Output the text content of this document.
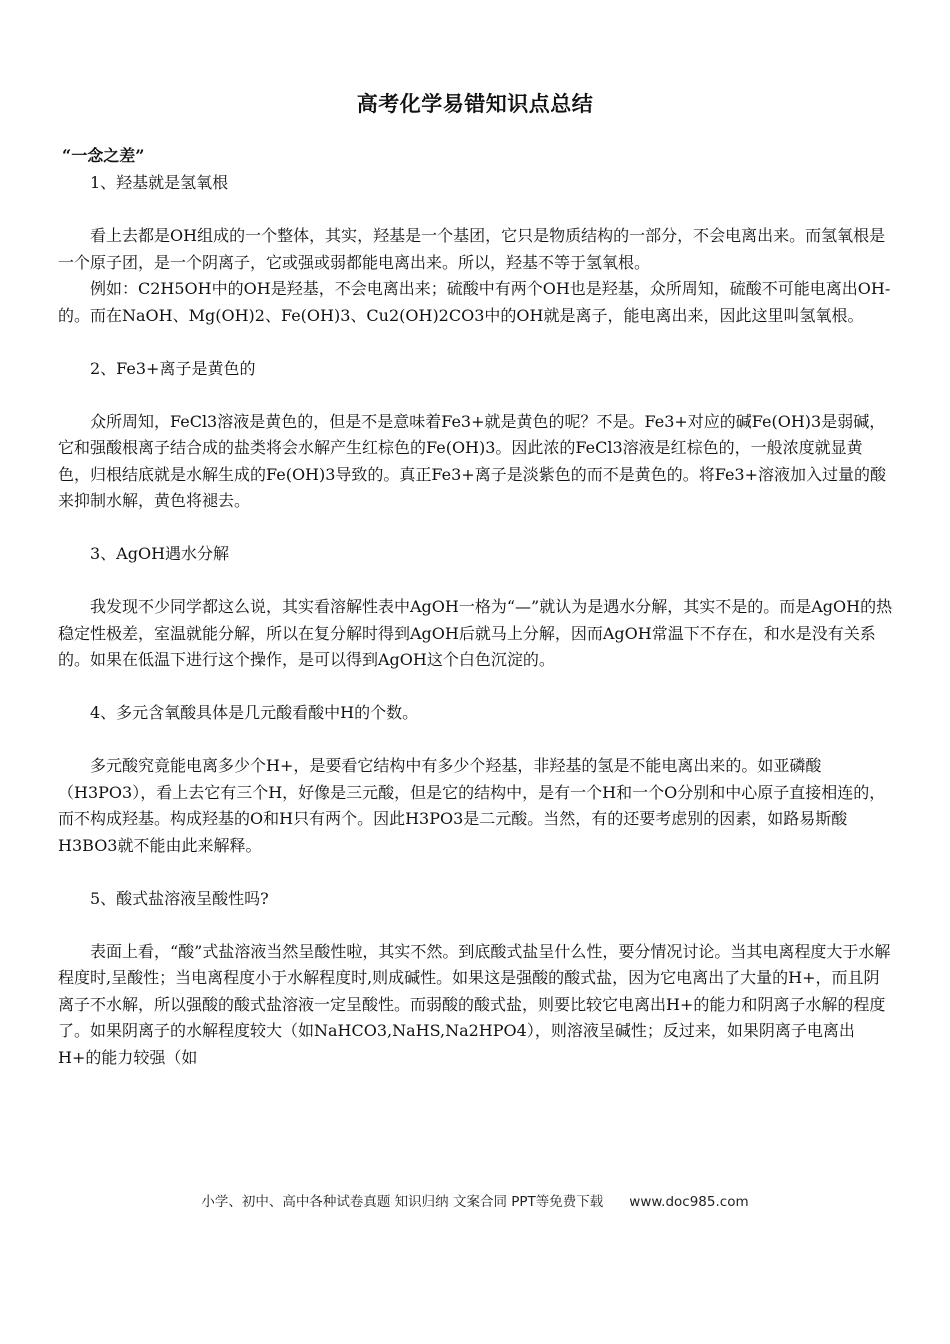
高考化学易错知识点总结
“一念之差”

1、羟基就是氢氧根

看上去都是OH组成的一个整体，其实，羟基是一个基团，它只是物质结构的一部分，不会电离出来。而氢氧根是一个原子团，是一个阴离子，它或强或弱都能电离出来。所以，羟基不等于氢氧根。

例如：C2H5OH中的OH是羟基，不会电离出来；硫酸中有两个OH也是羟基，众所周知，硫酸不可能电离出OH-的。而在NaOH、Mg(OH)2、Fe(OH)3、Cu2(OH)2CO3中的OH就是离子，能电离出来，因此这里叫氢氧根。

2、Fe3+离子是黄色的

众所周知，FeCl3溶液是黄色的，但是不是意味着Fe3+就是黄色的呢？不是。Fe3+对应的碱Fe(OH)3是弱碱，它和强酸根离子结合成的盐类将会水解产生红棕色的Fe(OH)3。因此浓的FeCl3溶液是红棕色的，一般浓度就显黄色，归根结底就是水解生成的Fe(OH)3导致的。真正Fe3+离子是淡紫色的而不是黄色的。将Fe3+溶液加入过量的酸来抑制水解，黄色将褪去。

3、AgOH遇水分解

我发现不少同学都这么说，其实看溶解性表中AgOH一格为“—”就认为是遇水分解，其实不是的。而是AgOH的热稳定性极差，室温就能分解，所以在复分解时得到AgOH后就马上分解，因而AgOH常温下不存在，和水是没有关系的。如果在低温下进行这个操作，是可以得到AgOH这个白色沉淀的。

4、多元含氧酸具体是几元酸看酸中H的个数。

多元酸究竟能电离多少个H+，是要看它结构中有多少个羟基，非羟基的氢是不能电离出来的。如亚磷酸（H3PO3），看上去它有三个H，好像是三元酸，但是它的结构中，是有一个H和一个O分别和中心原子直接相连的，而不构成羟基。构成羟基的O和H只有两个。因此H3PO3是二元酸。当然，有的还要考虑别的因素，如路易斯酸H3BO3就不能由此来解释。

5、酸式盐溶液呈酸性吗?

表面上看，“酸”式盐溶液当然呈酸性啦，其实不然。到底酸式盐呈什么性，要分情况讨论。当其电离程度大于水解程度时,呈酸性；当电离程度小于水解程度时,则成碱性。如果这是强酸的酸式盐，因为它电离出了大量的H+，而且阴离子不水解，所以强酸的酸式盐溶液一定呈酸性。而弱酸的酸式盐，则要比较它电离出H+的能力和阴离子水解的程度了。如果阴离子的水解程度较大（如NaHCO3,NaHS,Na2HPO4），则溶液呈碱性；反过来，如果阴离子电离出H+的能力较强（如

小学、初中、高中各种试卷真题 知识归纳 文案合同 PPT等免费下载 www.doc985.com
